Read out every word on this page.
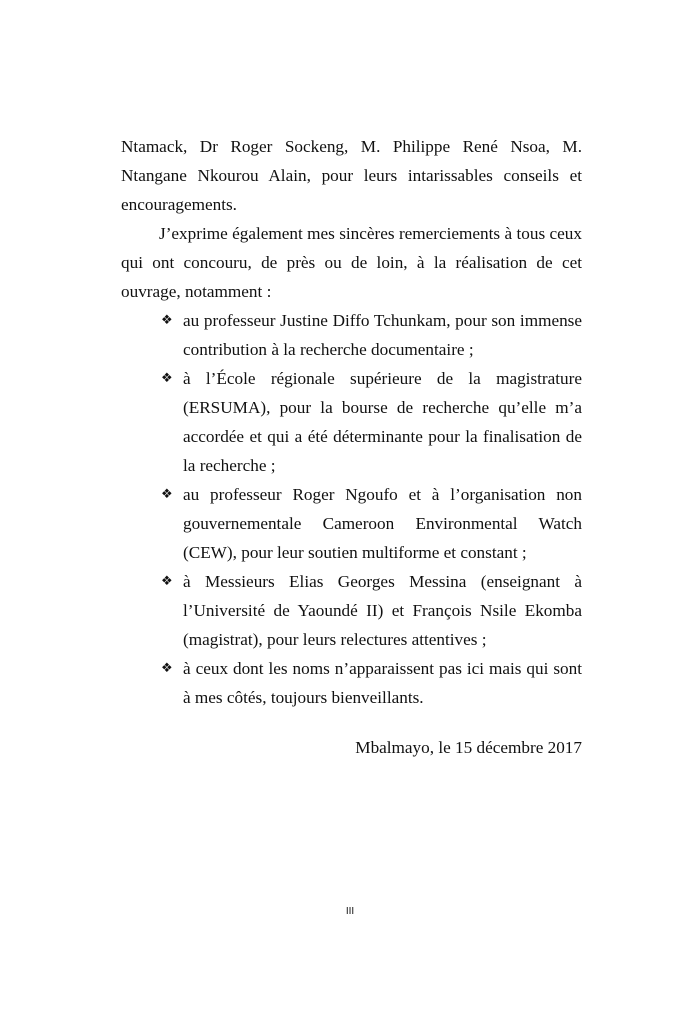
Ntamack, Dr Roger Sockeng, M. Philippe René Nsoa, M. Ntangane Nkourou Alain, pour leurs intarissables conseils et encouragements.

J’exprime également mes sincères remerciements à tous ceux qui ont concouru, de près ou de loin, à la réalisation de cet ouvrage, notamment :

❖ au professeur Justine Diffo Tchunkam, pour son immense contribution à la recherche documentaire ;
❖ à l’École régionale supérieure de la magistrature (ERSUMA), pour la bourse de recherche qu’elle m’a accordée et qui a été déterminante pour la finalisation de la recherche ;
❖ au professeur Roger Ngoufo et à l’organisation non gouvernementale Cameroon Environmental Watch (CEW), pour leur soutien multiforme et constant ;
❖ à Messieurs Elias Georges Messina (enseignant à l’Université de Yaoundé II) et François Nsile Ekomba (magistrat), pour leurs relectures attentives ;
❖ à ceux dont les noms n’apparaissent pas ici mais qui sont à mes côtés, toujours bienveillants.

Mbalmayo, le 15 décembre 2017

III
